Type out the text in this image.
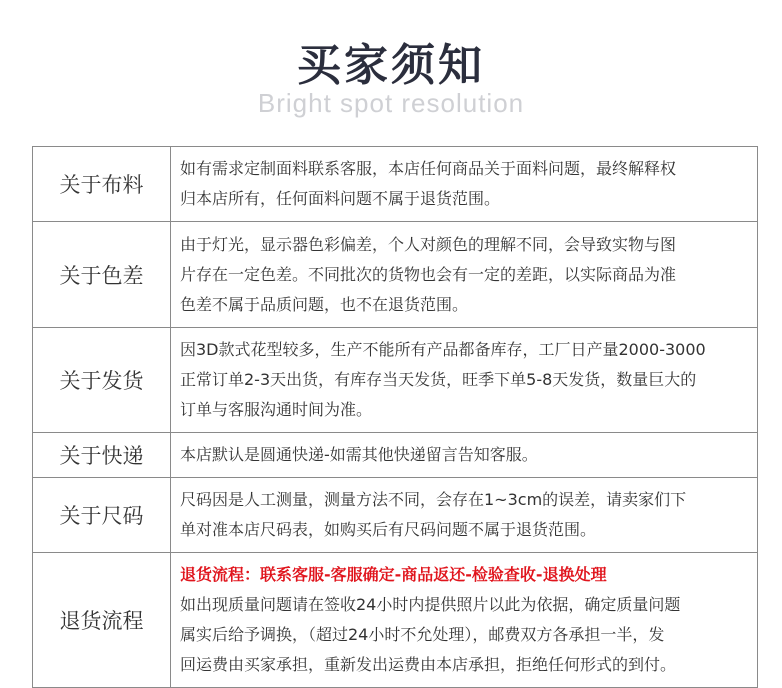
买家须知
Bright spot resolution
关于布料	如有需求定制面料联系客服，本店任何商品关于面料问题，最终解释权
归本店所有，任何面料问题不属于退货范围。

关于色差	由于灯光，显示器色彩偏差，个人对颜色的理解不同，会导致实物与图
片存在一定色差。不同批次的货物也会有一定的差距，以实际商品为准
色差不属于品质问题，也不在退货范围。

关于发货	因3D款式花型较多，生产不能所有产品都备库存，工厂日产量2000-3000
正常订单2-3天出货，有库存当天发货，旺季下单5-8天发货，数量巨大的
订单与客服沟通时间为准。

关于快递	本店默认是圆通快递-如需其他快递留言告知客服。

关于尺码	尺码因是人工测量，测量方法不同，会存在1~3cm的误差，请卖家们下
单对准本店尺码表，如购买后有尺码问题不属于退货范围。

退货流程	退货流程：联系客服-客服确定-商品返还-检验查收-退换处理
如出现质量问题请在签收24小时内提供照片以此为依据，确定质量问题
属实后给予调换，（超过24小时不允处理），邮费双方各承担一半，发
回运费由买家承担，重新发出运费由本店承担，拒绝任何形式的到付。
